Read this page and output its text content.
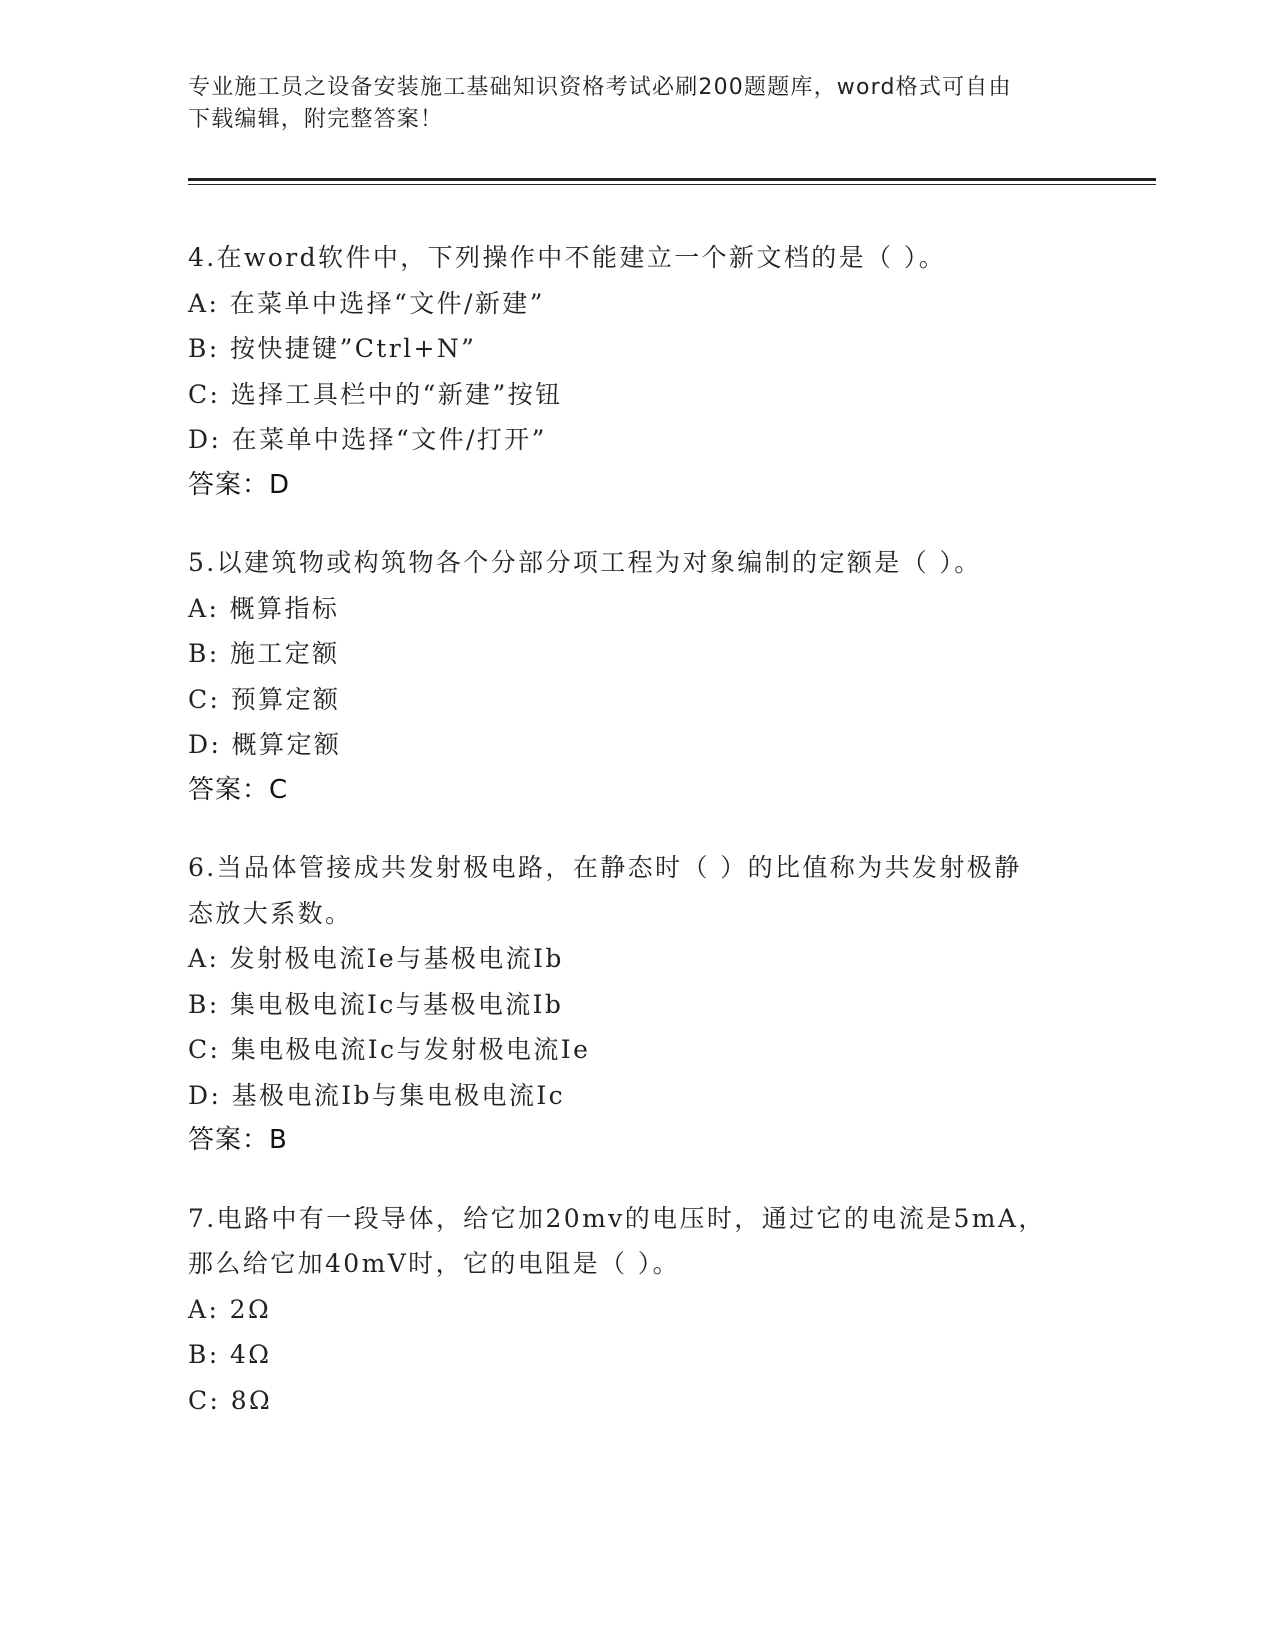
专业施工员之设备安装施工基础知识资格考试必刷200题题库，word格式可自由
下载编辑，附完整答案！
4.在word软件中，下列操作中不能建立一个新文档的是（ ）。
A: 在菜单中选择“文件/新建”
B: 按快捷键”Ctrl+N”
C: 选择工具栏中的“新建”按钮
D: 在菜单中选择“文件/打开”
答案：D
5.以建筑物或构筑物各个分部分项工程为对象编制的定额是（ ）。
A: 概算指标
B: 施工定额
C: 预算定额
D: 概算定额
答案：C
6.当品体管接成共发射极电路，在静态时（ ）的比值称为共发射极静
态放大系数。
A: 发射极电流Ie与基极电流Ib
B: 集电极电流Ic与基极电流Ib
C: 集电极电流Ic与发射极电流Ie
D: 基极电流Ib与集电极电流Ic
答案：B
7.电路中有一段导体，给它加20mv的电压时，通过它的电流是5mA，
那么给它加40mV时，它的电阻是（ ）。
A: 2Ω
B: 4Ω
C: 8Ω
